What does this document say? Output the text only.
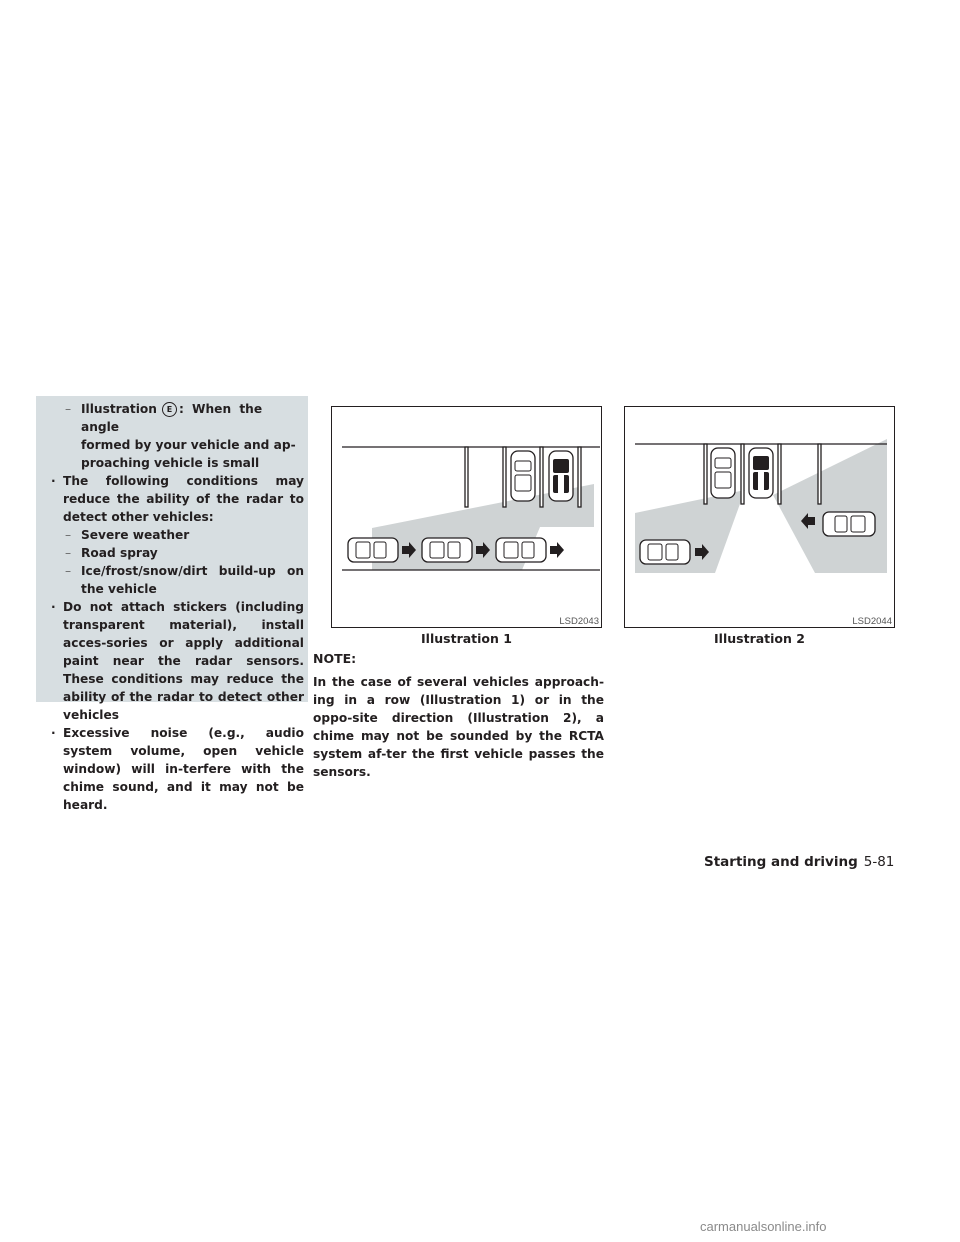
– Illustration E : When the angle
formed by your vehicle and ap-
proaching vehicle is small
· The following conditions may reduce the ability of the radar to detect other vehicles:
– Severe weather
– Road spray
– Ice/frost/snow/dirt build-up on the vehicle
· Do not attach stickers (including transparent material), install acces-sories or apply additional paint near the radar sensors. These conditions may reduce the ability of the radar to detect other vehicles
· Excessive noise (e.g., audio system volume, open vehicle window) will in-terfere with the chime sound, and it may not be heard.
LSD2043
Illustration 1
LSD2044
Illustration 2
NOTE:
In the case of several vehicles approach-ing in a row (Illustration 1) or in the oppo-site direction (Illustration 2), a chime may not be sounded by the RCTA system af-ter the first vehicle passes the sensors.
Starting and driving 5-81
carmanualsonline.info
